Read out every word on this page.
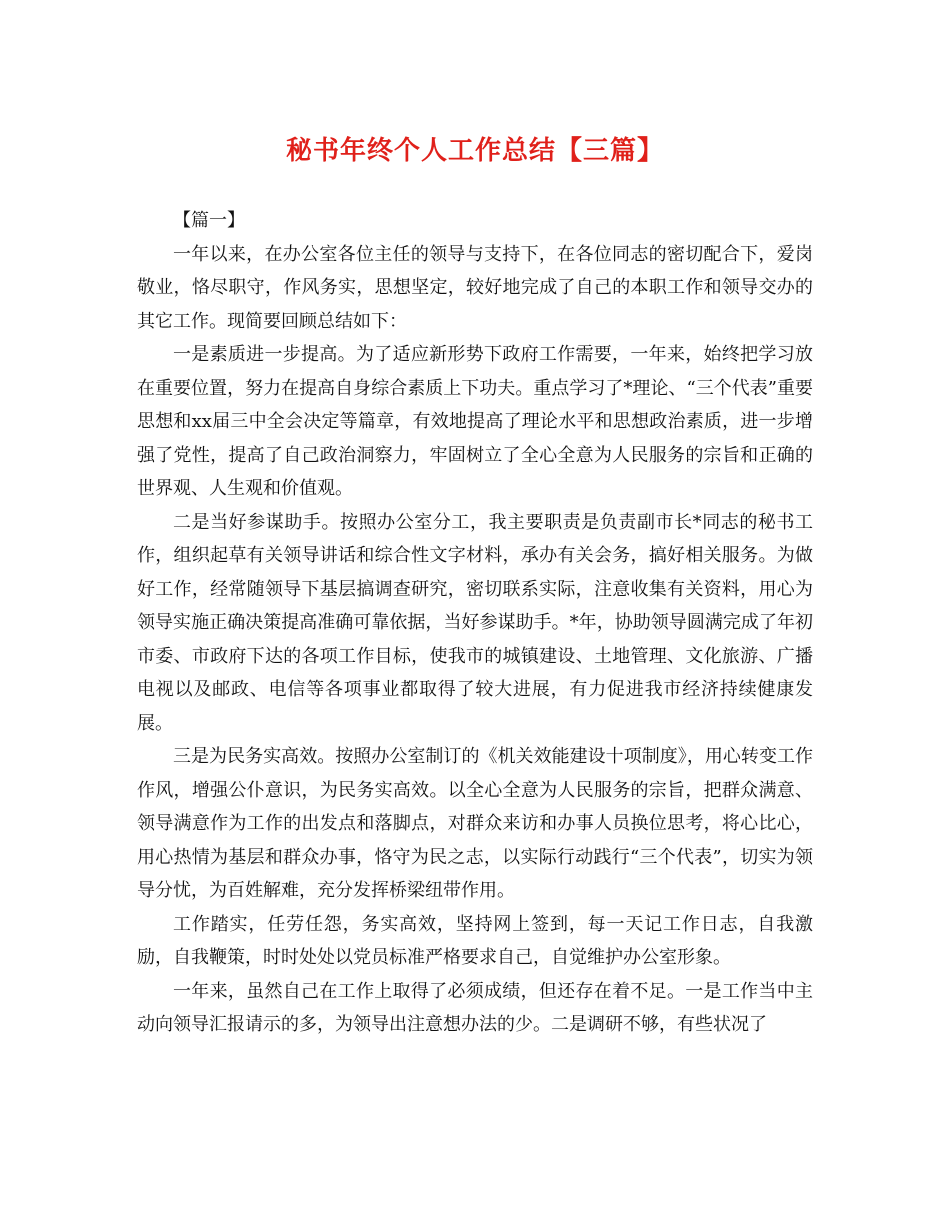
秘书年终个人工作总结【三篇】

【篇一】

一年以来，在办公室各位主任的领导与支持下，在各位同志的密切配合下，爱岗敬业，恪尽职守，作风务实，思想坚定，较好地完成了自己的本职工作和领导交办的其它工作。现简要回顾总结如下：

一是素质进一步提高。为了适应新形势下政府工作需要，一年来，始终把学习放在重要位置，努力在提高自身综合素质上下功夫。重点学习了*理论、“三个代表”重要思想和xx届三中全会决定等篇章，有效地提高了理论水平和思想政治素质，进一步增强了党性，提高了自己政治洞察力，牢固树立了全心全意为人民服务的宗旨和正确的世界观、人生观和价值观。

二是当好参谋助手。按照办公室分工，我主要职责是负责副市长*同志的秘书工作，组织起草有关领导讲话和综合性文字材料，承办有关会务，搞好相关服务。为做好工作，经常随领导下基层搞调查研究，密切联系实际，注意收集有关资料，用心为领导实施正确决策提高准确可靠依据，当好参谋助手。*年，协助领导圆满完成了年初市委、市政府下达的各项工作目标，使我市的城镇建设、土地管理、文化旅游、广播电视以及邮政、电信等各项事业都取得了较大进展，有力促进我市经济持续健康发展。

三是为民务实高效。按照办公室制订的《机关效能建设十项制度》，用心转变工作作风，增强公仆意识，为民务实高效。以全心全意为人民服务的宗旨，把群众满意、领导满意作为工作的出发点和落脚点，对群众来访和办事人员换位思考，将心比心，用心热情为基层和群众办事，恪守为民之志，以实际行动践行“三个代表”，切实为领导分忧，为百姓解难，充分发挥桥梁纽带作用。

工作踏实，任劳任怨，务实高效，坚持网上签到，每一天记工作日志，自我激励，自我鞭策，时时处处以党员标准严格要求自己，自觉维护办公室形象。

一年来，虽然自己在工作上取得了必须成绩，但还存在着不足。一是工作当中主动向领导汇报请示的多，为领导出注意想办法的少。二是调研不够，有些状况了
